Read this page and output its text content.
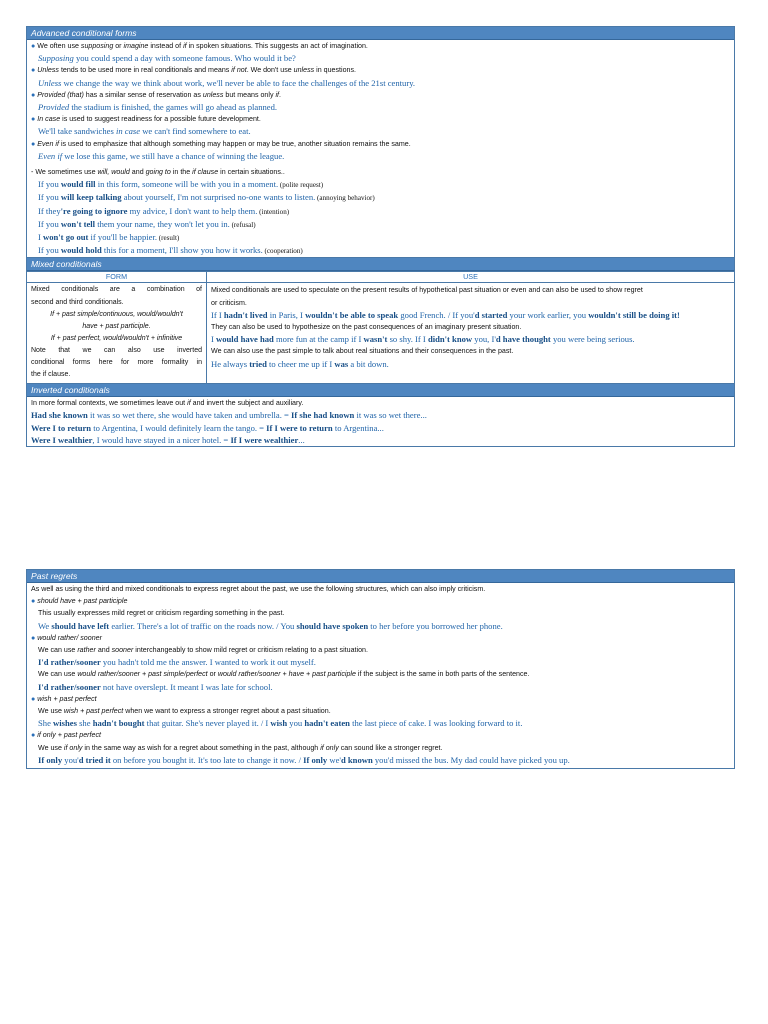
Advanced conditional forms
● We often use supposing or imagine instead of if in spoken situations. This suggests an act of imagination.
Supposing you could spend a day with someone famous. Who would it be?
● Unless tends to be used more in real conditionals and means if not. We don't use unless in questions.
Unless we change the way we think about work, we'll never be able to face the challenges of the 21st century.
● Provided (that) has a similar sense of reservation as unless but means only if.
Provided the stadium is finished, the games will go ahead as planned.
● In case is used to suggest readiness for a possible future development.
We'll take sandwiches in case we can't find somewhere to eat.
● Even if is used to emphasize that although something may happen or may be true, another situation remains the same.
Even if we lose this game, we still have a chance of winning the league.
- We sometimes use will, would and going to in the if clause in certain situations..
If you would fill in this form, someone will be with you in a moment. (polite request)
If you will keep talking about yourself, I'm not surprised no-one wants to listen. (annoying behavior)
If they're going to ignore my advice, I don't want to help them. (intention)
If you won't tell them your name, they won't let you in. (refusal)
I won't go out if you'll be happier. (result)
If you would hold this for a moment, I'll show you how it works. (cooperation)
Mixed conditionals
FORM
Mixed conditionals are a combination of
second and third conditionals.
If + past simple/continuous, would/wouldn't
have + past participle.
If + past perfect, would/wouldn't + infinitive
Note that we can also use inverted
conditional forms here for more formality in
the if clause.
USE
Mixed conditionals are used to speculate on the present results of hypothetical past situation or even and can also be used to show regret
or criticism.
If I hadn't lived in Paris, I wouldn't be able to speak good French. / If you'd started your work earlier, you wouldn't still be doing it!
They can also be used to hypothesize on the past consequences of an imaginary present situation.
I would have had more fun at the camp if I wasn't so shy. If I didn't know you, I'd have thought you were being serious.
We can also use the past simple to talk about real situations and their consequences in the past.
He always tried to cheer me up if I was a bit down.
Inverted conditionals
In more formal contexts, we sometimes leave out if and invert the subject and auxiliary.
Had she known it was so wet there, she would have taken and umbrella. = If she had known it was so wet there...
Were I to return to Argentina, I would definitely learn the tango. = If I were to return to Argentina...
Were I wealthier, I would have stayed in a nicer hotel. = If I were wealthier...
Past regrets
As well as using the third and mixed conditionals to express regret about the past, we use the following structures, which can also imply criticism.
● should have + past participle
This usually expresses mild regret or criticism regarding something in the past.
We should have left earlier. There's a lot of traffic on the roads now. / You should have spoken to her before you borrowed her phone.
● would rather/ sooner
We can use rather and sooner interchangeably to show mild regret or criticism relating to a past situation.
I'd rather/sooner you hadn't told me the answer. I wanted to work it out myself.
We can use would rather/sooner + past simple/perfect or would rather/sooner + have + past participle if the subject is the same in both parts of the sentence.
I'd rather/sooner not have overslept. It meant I was late for school.
● wish + past perfect
We use wish + past perfect when we want to express a stronger regret about a past situation.
She wishes she hadn't bought that guitar. She's never played it. / I wish you hadn't eaten the last piece of cake. I was looking forward to it.
● if only + past perfect
We use if only in the same way as wish for a regret about something in the past, although if only can sound like a stronger regret.
If only you'd tried it on before you bought it. It's too late to change it now. / If only we'd known you'd missed the bus. My dad could have picked you up.
